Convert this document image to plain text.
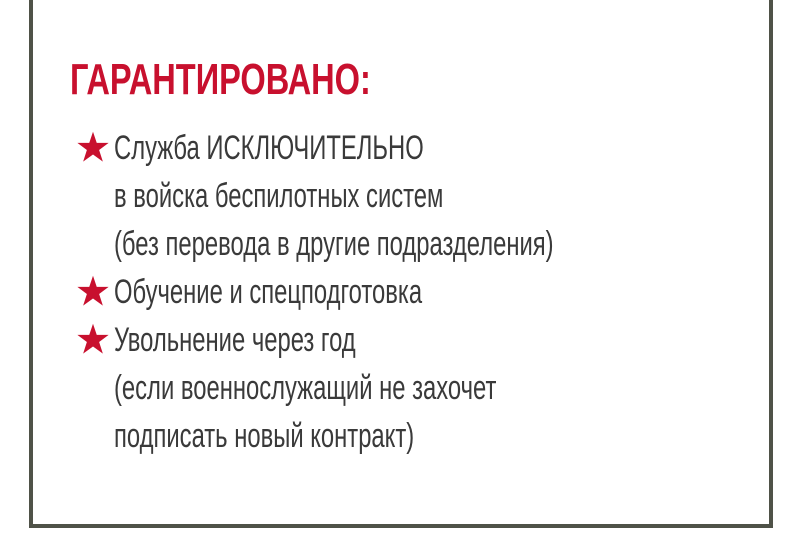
ГАРАНТИРОВАНО:
Служба ИСКЛЮЧИТЕЛЬНО
в войска беспилотных систем
(без перевода в другие подразделения)
Обучение и спецподготовка
Увольнение через год
(если военнослужащий не захочет
подписать новый контракт)
